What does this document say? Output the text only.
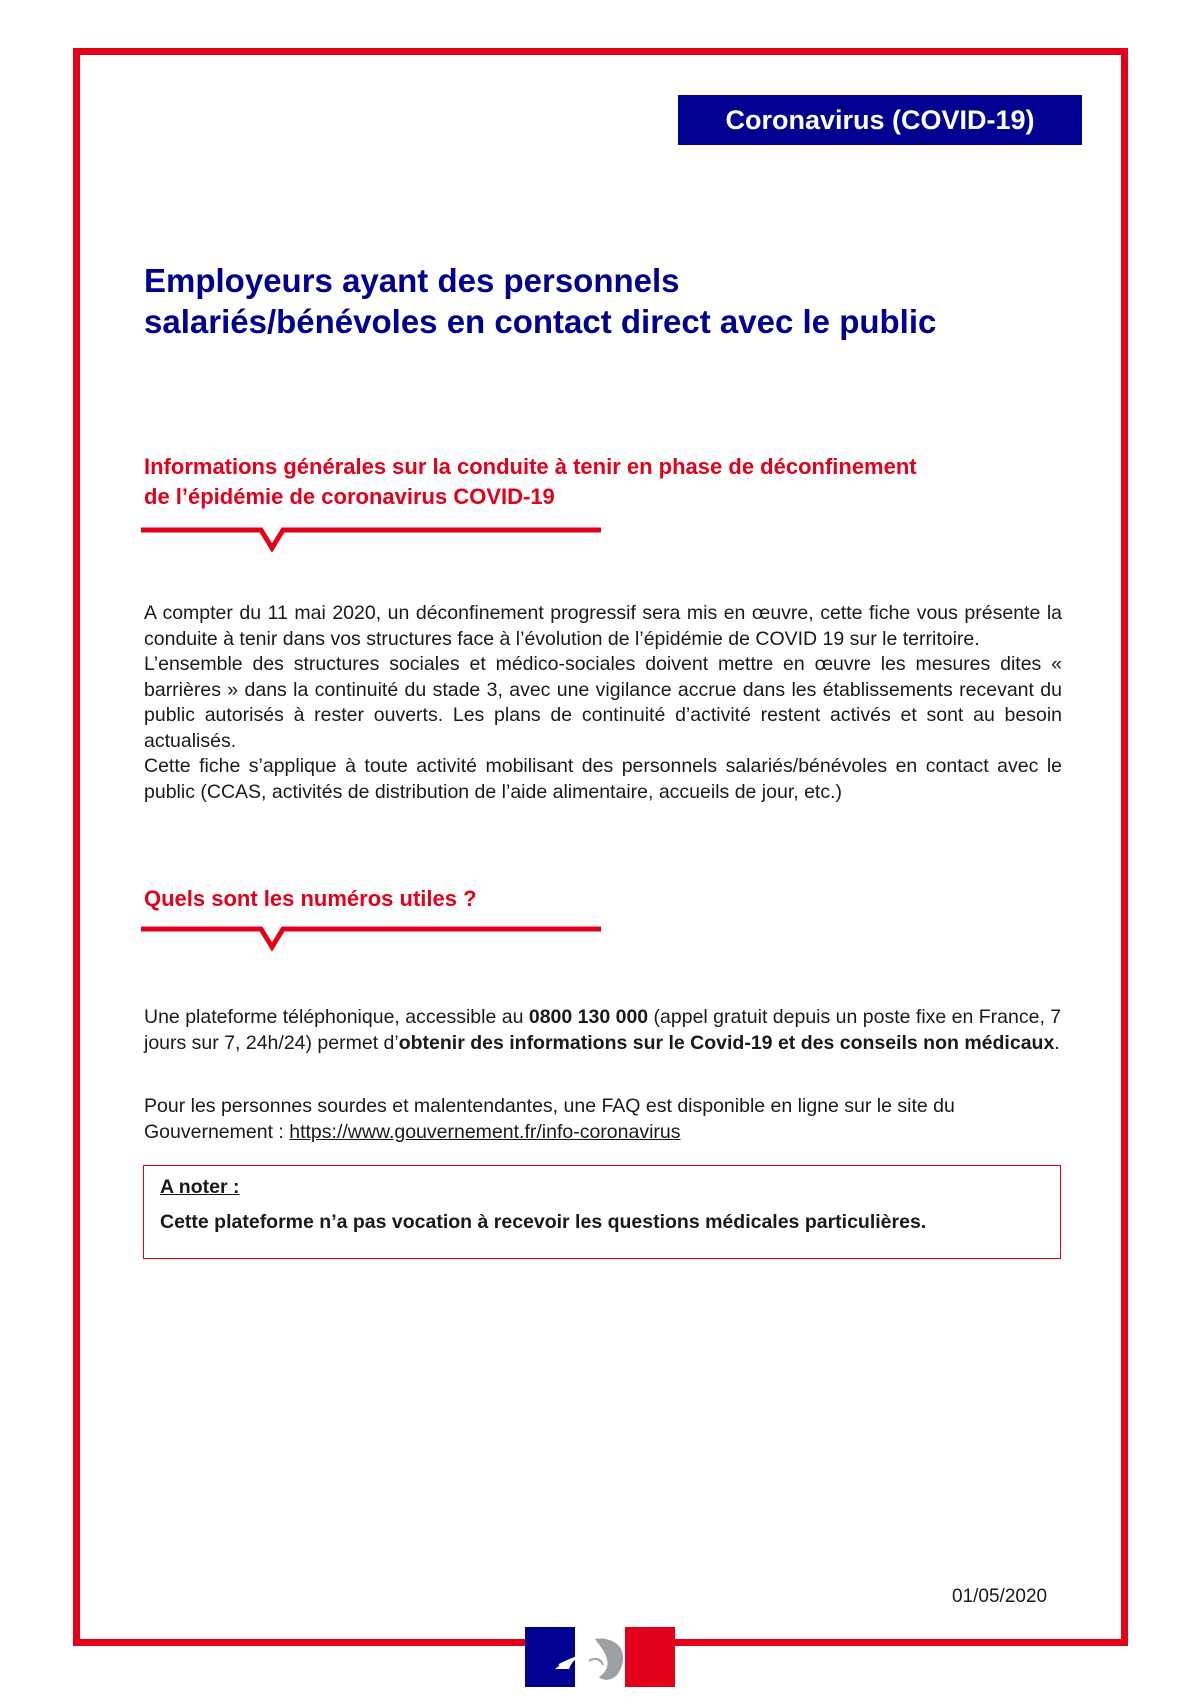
Coronavirus (COVID-19)
Employeurs ayant des personnels
salariés/bénévoles en contact direct avec le public
Informations générales sur la conduite à tenir en phase de déconfinement
de l’épidémie de coronavirus COVID-19

A compter du 11 mai 2020, un déconfinement progressif sera mis en œuvre, cette fiche vous présente la conduite à tenir dans vos structures face à l’évolution de l’épidémie de COVID 19 sur le territoire.

L’ensemble des structures sociales et médico-sociales doivent mettre en œuvre les mesures dites « barrières » dans la continuité du stade 3, avec une vigilance accrue dans les établissements recevant du public autorisés à rester ouverts. Les plans de continuité d’activité restent activés et sont au besoin actualisés.

Cette fiche s’applique à toute activité mobilisant des personnels salariés/bénévoles en contact avec le public (CCAS, activités de distribution de l’aide alimentaire, accueils de jour, etc.)

Quels sont les numéros utiles ?

Une plateforme téléphonique, accessible au 0800 130 000 (appel gratuit depuis un poste fixe en France, 7 jours sur 7, 24h/24) permet d’obtenir des informations sur le Covid-19 et des conseils non médicaux.

Pour les personnes sourdes et malentendantes, une FAQ est disponible en ligne sur le site du Gouvernement : https://www.gouvernement.fr/info-coronavirus

A noter :

Cette plateforme n’a pas vocation à recevoir les questions médicales particulières.

01/05/2020
